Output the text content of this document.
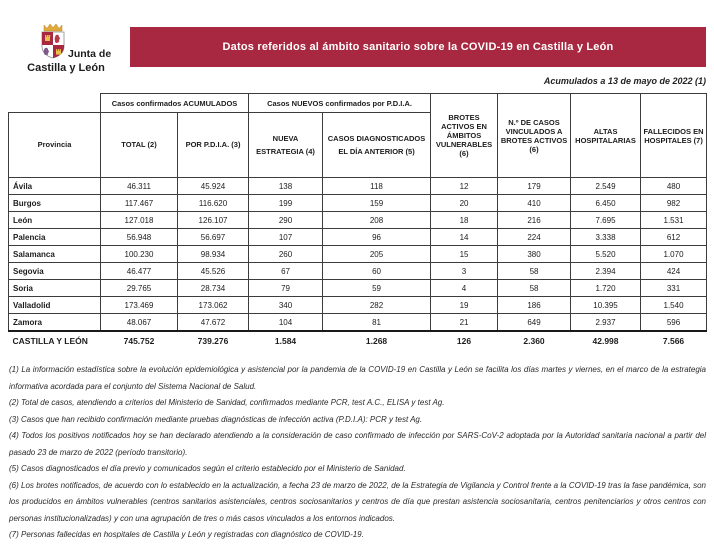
Junta de
Castilla y León
Datos referidos al ámbito sanitario sobre la COVID-19 en Castilla y León
Acumulados a 13 de mayo de 2022 (1)
	Casos confirmados ACUMULADOS		Casos NUEVOS confirmados por P.D.I.A.		BROTES ACTIVOS EN ÁMBITOS VULNERABLES (6)	N.º DE CASOS VINCULADOS A BROTES ACTIVOS (6)	ALTAS HOSPITALARIAS	FALLECIDOS EN HOSPITALES (7)
Provincia	TOTAL (2)	POR P.D.I.A. (3)	NUEVA ESTRATEGIA (4)	CASOS DIAGNOSTICADOS EL DÍA ANTERIOR (5)				
Ávila	46.311	45.924	138	118	12	179	2.549	480
Burgos	117.467	116.620	199	159	20	410	6.450	982
León	127.018	126.107	290	208	18	216	7.695	1.531
Palencia	56.948	56.697	107	96	14	224	3.338	612
Salamanca	100.230	98.934	260	205	15	380	5.520	1.070
Segovia	46.477	45.526	67	60	3	58	2.394	424
Soria	29.765	28.734	79	59	4	58	1.720	331
Valladolid	173.469	173.062	340	282	19	186	10.395	1.540
Zamora	48.067	47.672	104	81	21	649	2.937	596
CASTILLA Y LEÓN	745.752	739.276	1.584	1.268	126	2.360	42.998	7.566

(1) La información estadística sobre la evolución epidemiológica y asistencial por la pandemia de la COVID-19 en Castilla y León se facilita los días martes y viernes, en el marco de la estrategia informativa acordada para el conjunto del Sistema Nacional de Salud.

(2) Total de casos, atendiendo a criterios del Ministerio de Sanidad, confirmados mediante PCR, test A.C., ELISA y test Ag.

(3) Casos que han recibido confirmación mediante pruebas diagnósticas de infección activa (P.D.I.A): PCR y test Ag.

(4) Todos los positivos notificados hoy se han declarado atendiendo a la consideración de caso confirmado de infección por SARS-CoV-2 adoptada por la Autoridad sanitaria nacional a partir del pasado 23 de marzo de 2022 (período transitorio).

(5) Casos diagnosticados el día previo y comunicados según el criterio establecido por el Ministerio de Sanidad.

(6) Los brotes notificados, de acuerdo con lo establecido en la actualización, a fecha 23 de marzo de 2022, de la Estrategia de Vigilancia y Control frente a la COVID-19 tras la fase pandémica, son los producidos en ámbitos vulnerables (centros sanitarios asistenciales, centros sociosanitarios y centros de día que prestan asistencia sociosanitaria, centros penitenciarios y otros centros con personas institucionalizadas) y con una agrupación de tres o más casos vinculados a los entornos indicados.

(7) Personas fallecidas en hospitales de Castilla y León y registradas con diagnóstico de COVID-19.
